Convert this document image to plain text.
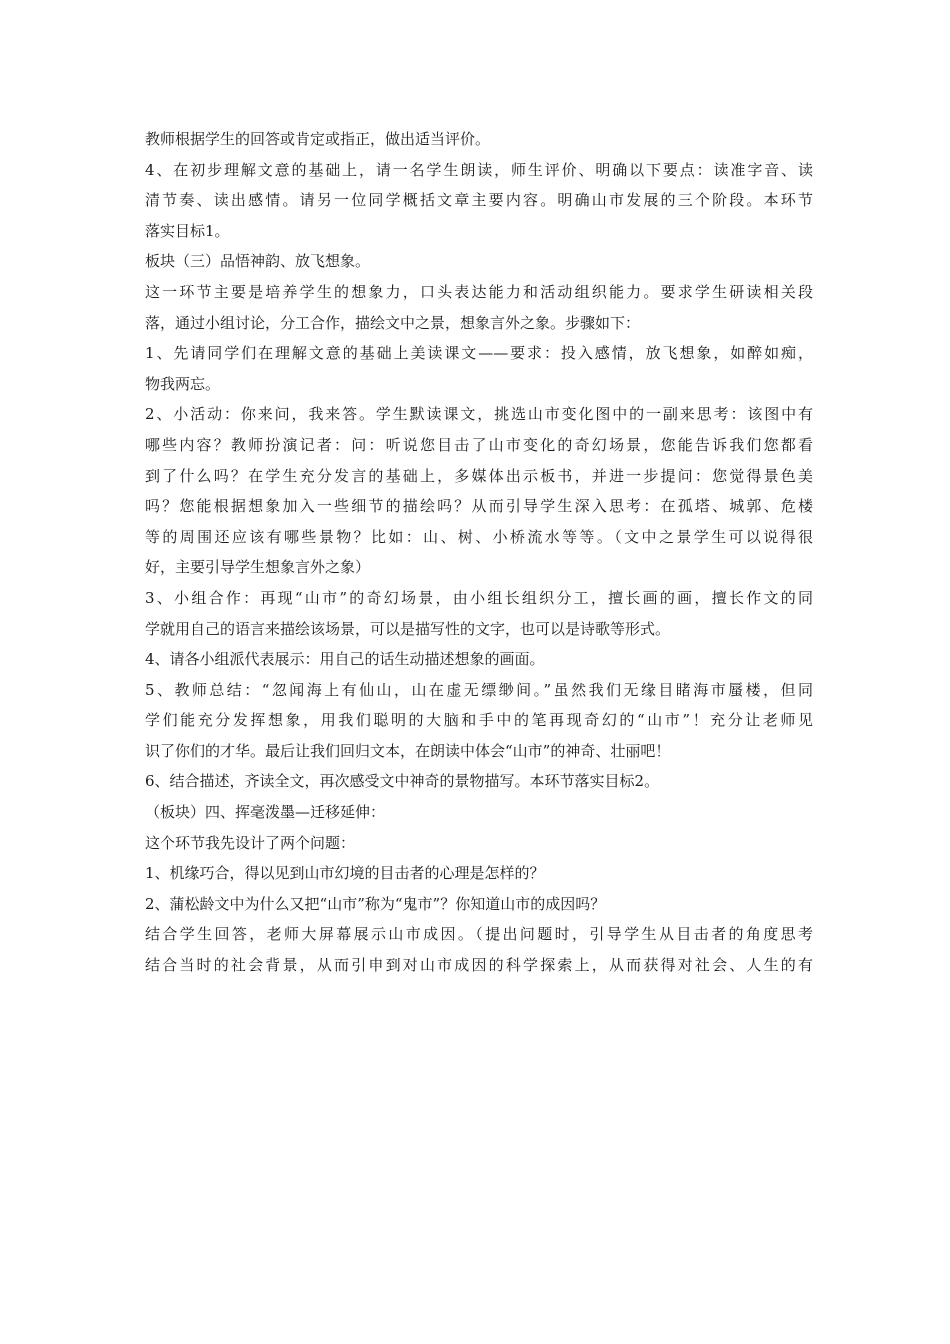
教师根据学生的回答或肯定或指正，做出适当评价。
4、在初步理解文意的基础上，请一名学生朗读，师生评价、明确以下要点：读准字音、读
清节奏、读出感情。请另一位同学概括文章主要内容。明确山市发展的三个阶段。本环节
落实目标1。
板块（三）品悟神韵、放飞想象。
这一环节主要是培养学生的想象力，口头表达能力和活动组织能力。要求学生研读相关段
落，通过小组讨论，分工合作，描绘文中之景，想象言外之象。步骤如下：
1、先请同学们在理解文意的基础上美读课文——要求：投入感情，放飞想象，如醉如痴，
物我两忘。
2、小活动：你来问，我来答。学生默读课文，挑选山市变化图中的一副来思考：该图中有
哪些内容？教师扮演记者：问：听说您目击了山市变化的奇幻场景，您能告诉我们您都看
到了什么吗？在学生充分发言的基础上，多媒体出示板书，并进一步提问：您觉得景色美
吗？您能根据想象加入一些细节的描绘吗？从而引导学生深入思考：在孤塔、城郭、危楼
等的周围还应该有哪些景物？比如：山、树、小桥流水等等。（文中之景学生可以说得很
好，主要引导学生想象言外之象）
3、小组合作：再现“山市”的奇幻场景，由小组长组织分工，擅长画的画，擅长作文的同
学就用自己的语言来描绘该场景，可以是描写性的文字，也可以是诗歌等形式。
4、请各小组派代表展示：用自己的话生动描述想象的画面。
5、教师总结：“忽闻海上有仙山，山在虚无缥缈间。”虽然我们无缘目睹海市蜃楼，但同
学们能充分发挥想象，用我们聪明的大脑和手中的笔再现奇幻的“山市”！充分让老师见
识了你们的才华。最后让我们回归文本，在朗读中体会“山市”的神奇、壮丽吧！
6、结合描述，齐读全文，再次感受文中神奇的景物描写。本环节落实目标2。
（板块）四、挥毫泼墨—迁移延伸：
这个环节我先设计了两个问题：
1、机缘巧合，得以见到山市幻境的目击者的心理是怎样的？
2、蒲松龄文中为什么又把“山市”称为“鬼市”？你知道山市的成因吗？
结合学生回答，老师大屏幕展示山市成因。（提出问题时，引导学生从目击者的角度思考
结合当时的社会背景，从而引申到对山市成因的科学探索上，从而获得对社会、人生的有
